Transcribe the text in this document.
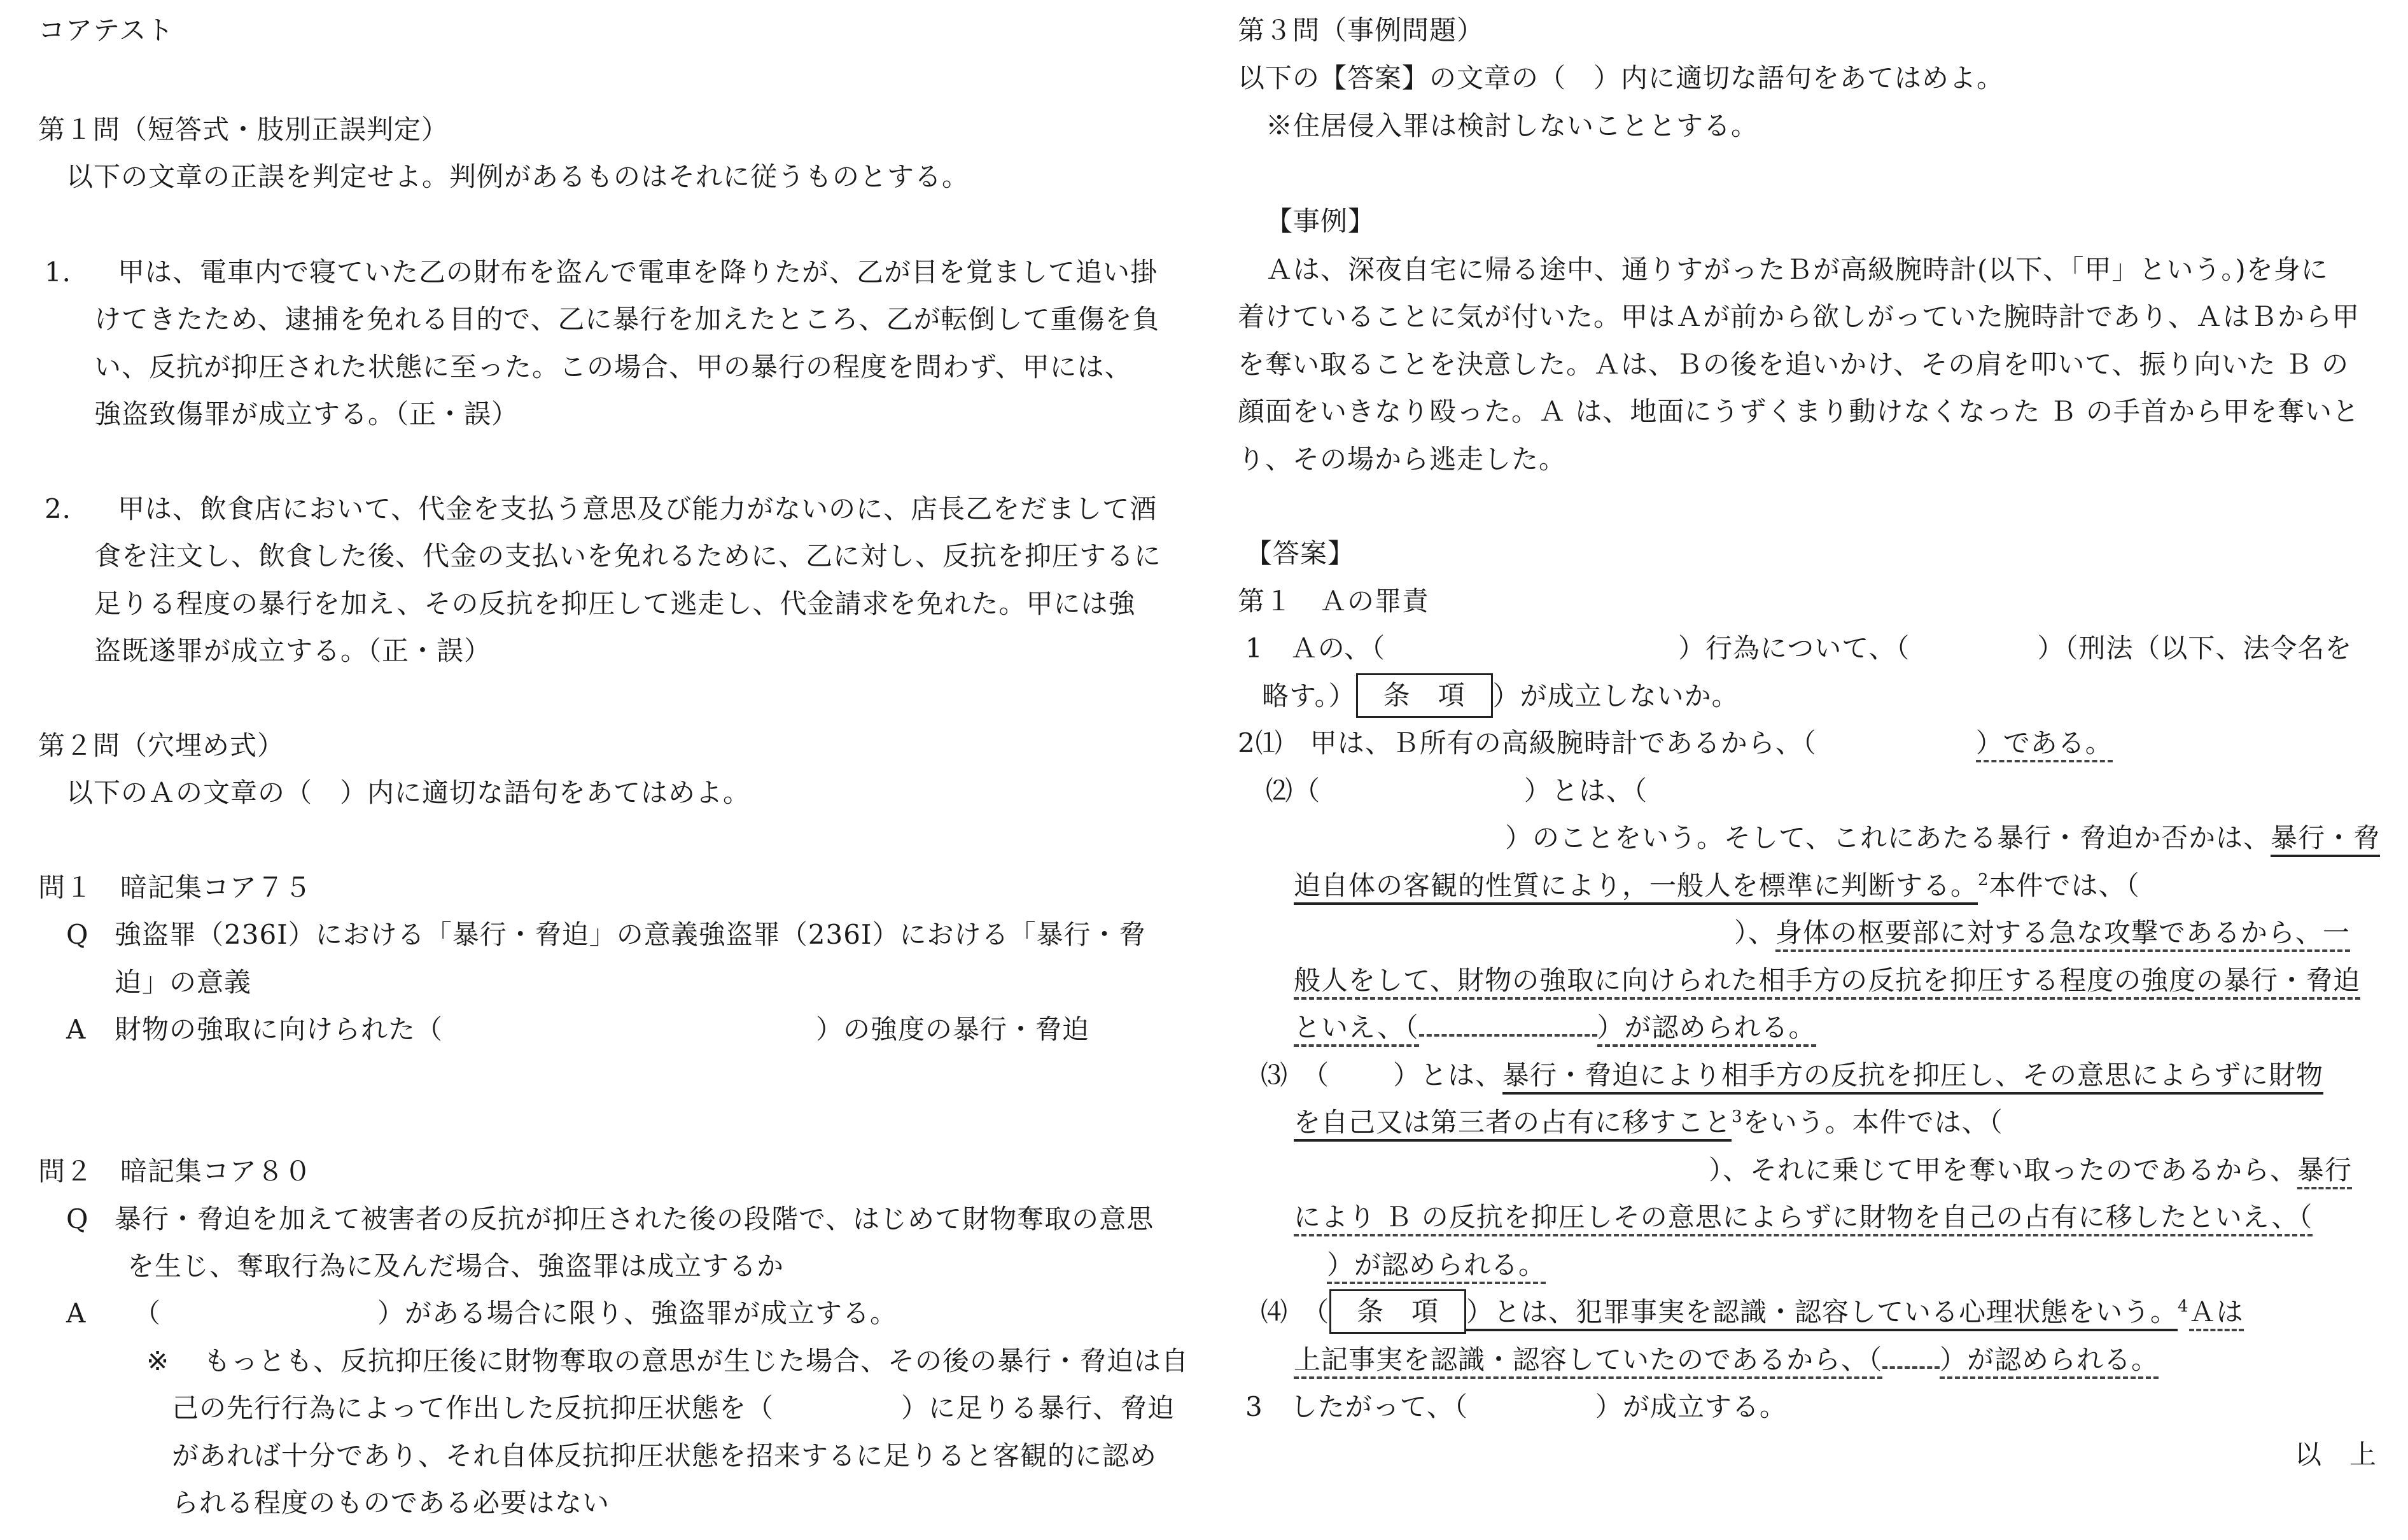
コアテスト
第１問（短答式・肢別正誤判定）
以下の文章の正誤を判定せよ。判例があるものはそれに従うものとする。
1． 甲は、電車内で寝ていた乙の財布を盗んで電車を降りたが、乙が目を覚まして追い掛
けてきたため、逮捕を免れる目的で、乙に暴行を加えたところ、乙が転倒して重傷を負
い、反抗が抑圧された状態に至った。この場合、甲の暴行の程度を問わず、甲には、
強盗致傷罪が成立する。（正・誤）
2． 甲は、飲食店において、代金を支払う意思及び能力がないのに、店長乙をだまして酒
食を注文し、飲食した後、代金の支払いを免れるために、乙に対し、反抗を抑圧するに
足りる程度の暴行を加え、その反抗を抑圧して逃走し、代金請求を免れた。甲には強
盗既遂罪が成立する。（正・誤）
第２問（穴埋め式）
以下のＡの文章の（　）内に適切な語句をあてはめよ。
問１　暗記集コア７５
Q 強盗罪（236Ⅰ）における「暴行・脅迫」の意義強盗罪（236Ⅰ）における「暴行・脅
迫」の意義
A 財物の強取に向けられた（	）の強度の暴行・脅迫
問２　暗記集コア８０
Q 暴行・脅迫を加えて被害者の反抗が抑圧された後の段階で、はじめて財物奪取の意思
を生じ、奪取行為に及んだ場合、強盗罪は成立するか
A （	）がある場合に限り、強盗罪が成立する。
※ もっとも、反抗抑圧後に財物奪取の意思が生じた場合、その後の暴行・脅迫は自
己の先行行為によって作出した反抗抑圧状態を（	）に足りる暴行、脅迫
があれば十分であり、それ自体反抗抑圧状態を招来するに足りると客観的に認め
られる程度のものである必要はない
第３問（事例問題）
以下の【答案】の文章の（　）内に適切な語句をあてはめよ。
※住居侵入罪は検討しないこととする。
【事例】
Ａは、深夜自宅に帰る途中、通りすがったＢが高級腕時計(以下、「甲」という。)を身に
着けていることに気が付いた。甲はＡが前から欲しがっていた腕時計であり、ＡはＢから甲
を奪い取ることを決意した。Ａは、Ｂの後を追いかけ、その肩を叩いて、振り向いた Ｂ の
顔面をいきなり殴った。Ａ は、地面にうずくまり動けなくなった Ｂ の手首から甲を奪いと
り、その場から逃走した。
【答案】
第１　Ａの罪責
1　Ａの、（	）行為について、（	）（刑法（以下、法令名を
略す。） 条　項 ）が成立しないか。
2⑴　甲は、Ｂ所有の高級腕時計であるから、（	）である。
⑵（	）とは、（
）のことをいう。そして、これにあたる暴行・脅迫か否かは、暴行・脅
迫自体の客観的性質により，一般人を標準に判断する。$^2$本件では、（
）、身体の枢要部に対する急な攻撃であるから、一
般人をして、財物の強取に向けられた相手方の反抗を抑圧する程度の強度の暴行・脅迫
といえ、（	）が認められる。
⑶　（ ）とは、暴行・脅迫により相手方の反抗を抑圧し、その意思によらずに財物
を自己又は第三者の占有に移すこと$^3$をいう。本件では、（
）、それに乗じて甲を奪い取ったのであるから、暴行
により Ｂ の反抗を抑圧しその意思によらずに財物を自己の占有に移したといえ、（
）が認められる。
⑷　（ 条　項 ）とは、犯罪事実を認識・認容している心理状態をいう。$^4$Ａは
上記事実を認識・認容していたのであるから、（ ）が認められる。
3　したがって、（	）が成立する。
以　上
